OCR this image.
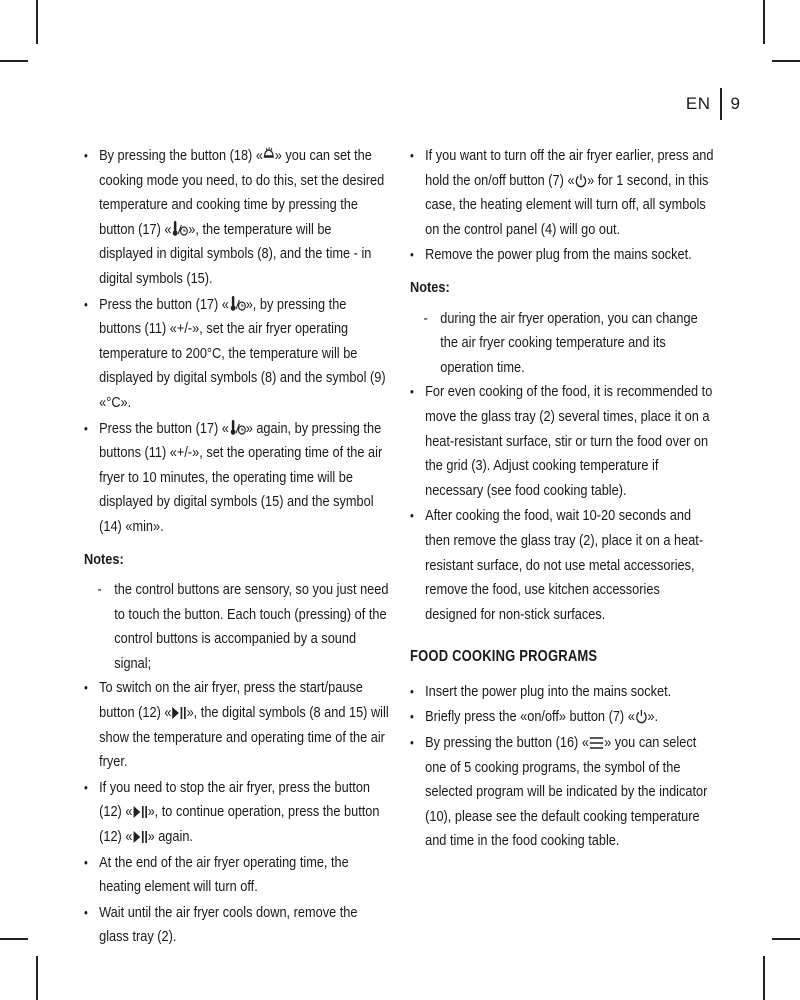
EN 9
• By pressing the button (18) « » you can set the cooking mode you need, to do this, set the desired temperature and cooking time by pressing the button (17) « », the temperature will be displayed in digital symbols (8), and the time - in digital symbols (15).
• Press the button (17) « », by pressing the buttons (11) «+/-», set the air fryer operating temperature to 200°C, the temperature will be displayed by digital symbols (8) and the symbol (9) «°C».
• Press the button (17) « » again, by pressing the buttons (11) «+/-», set the operating time of the air fryer to 10 minutes, the operating time will be displayed by digital symbols (15) and the symbol (14) «min».
Notes:
- the control buttons are sensory, so you just need to touch the button. Each touch (pressing) of the control buttons is accompanied by a sound signal;
• To switch on the air fryer, press the start/pause button (12) « », the digital symbols (8 and 15) will show the temperature and operating time of the air fryer.
• If you need to stop the air fryer, press the button (12) « », to continue operation, press the button (12) « » again.
• At the end of the air fryer operating time, the heating element will turn off.
• Wait until the air fryer cools down, remove the glass tray (2).
• If you want to turn off the air fryer earlier, press and hold the on/off button (7) « » for 1 second, in this case, the heating element will turn off, all symbols on the control panel (4) will go out.
• Remove the power plug from the mains socket.
Notes:
- during the air fryer operation, you can change the air fryer cooking temperature and its operation time.
• For even cooking of the food, it is recommended to move the glass tray (2) several times, place it on a heat-resistant surface, stir or turn the food over on the grid (3). Adjust cooking temperature if necessary (see food cooking table).
• After cooking the food, wait 10-20 seconds and then remove the glass tray (2), place it on a heat-resistant surface, do not use metal accessories, remove the food, use kitchen accessories designed for non-stick surfaces.
FOOD COOKING PROGRAMS
• Insert the power plug into the mains socket.
• Briefly press the «on/off» button (7) « ».
• By pressing the button (16) « » you can select one of 5 cooking programs, the symbol of the selected program will be indicated by the indicator (10), please see the default cooking temperature and time in the food cooking table.
